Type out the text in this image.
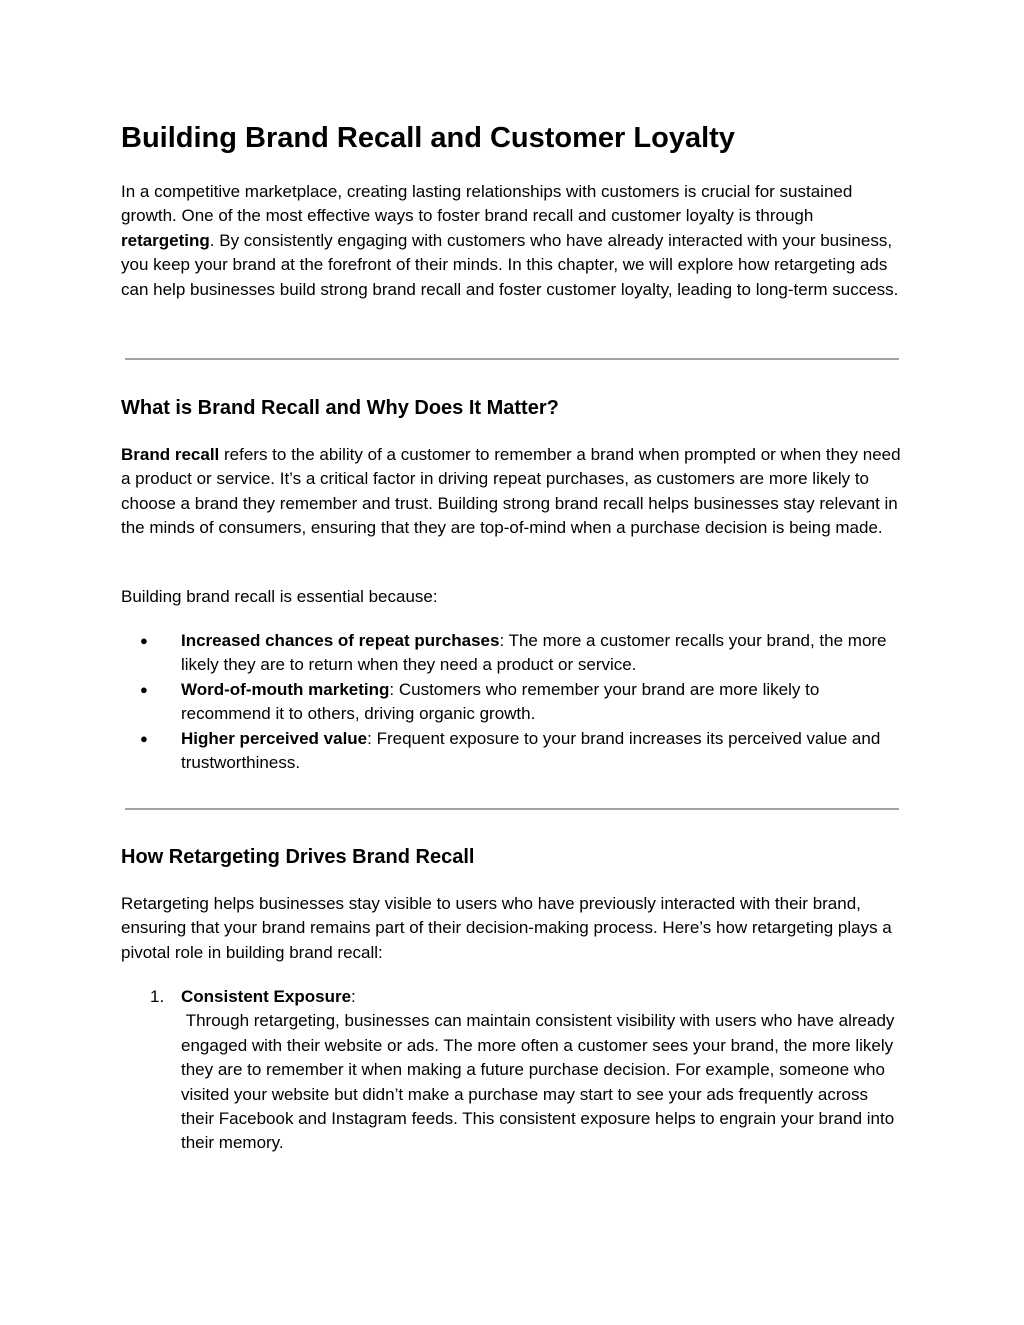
Building Brand Recall and Customer Loyalty

In a competitive marketplace, creating lasting relationships with customers is crucial for sustained growth. One of the most effective ways to foster brand recall and customer loyalty is through retargeting. By consistently engaging with customers who have already interacted with your business, you keep your brand at the forefront of their minds. In this chapter, we will explore how retargeting ads can help businesses build strong brand recall and foster customer loyalty, leading to long-term success.

What is Brand Recall and Why Does It Matter?

Brand recall refers to the ability of a customer to remember a brand when prompted or when they need a product or service. It’s a critical factor in driving repeat purchases, as customers are more likely to choose a brand they remember and trust. Building strong brand recall helps businesses stay relevant in the minds of consumers, ensuring that they are top-of-mind when a purchase decision is being made.

Building brand recall is essential because:

● Increased chances of repeat purchases: The more a customer recalls your brand, the more likely they are to return when they need a product or service.
● Word-of-mouth marketing: Customers who remember your brand are more likely to recommend it to others, driving organic growth.
● Higher perceived value: Frequent exposure to your brand increases its perceived value and trustworthiness.
How Retargeting Drives Brand Recall

Retargeting helps businesses stay visible to users who have previously interacted with their brand, ensuring that your brand remains part of their decision-making process. Here’s how retargeting plays a pivotal role in building brand recall:

1. Consistent Exposure:
Through retargeting, businesses can maintain consistent visibility with users who have already engaged with their website or ads. The more often a customer sees your brand, the more likely they are to remember it when making a future purchase decision. For example, someone who visited your website but didn’t make a purchase may start to see your ads frequently across their Facebook and Instagram feeds. This consistent exposure helps to engrain your brand into their memory.
